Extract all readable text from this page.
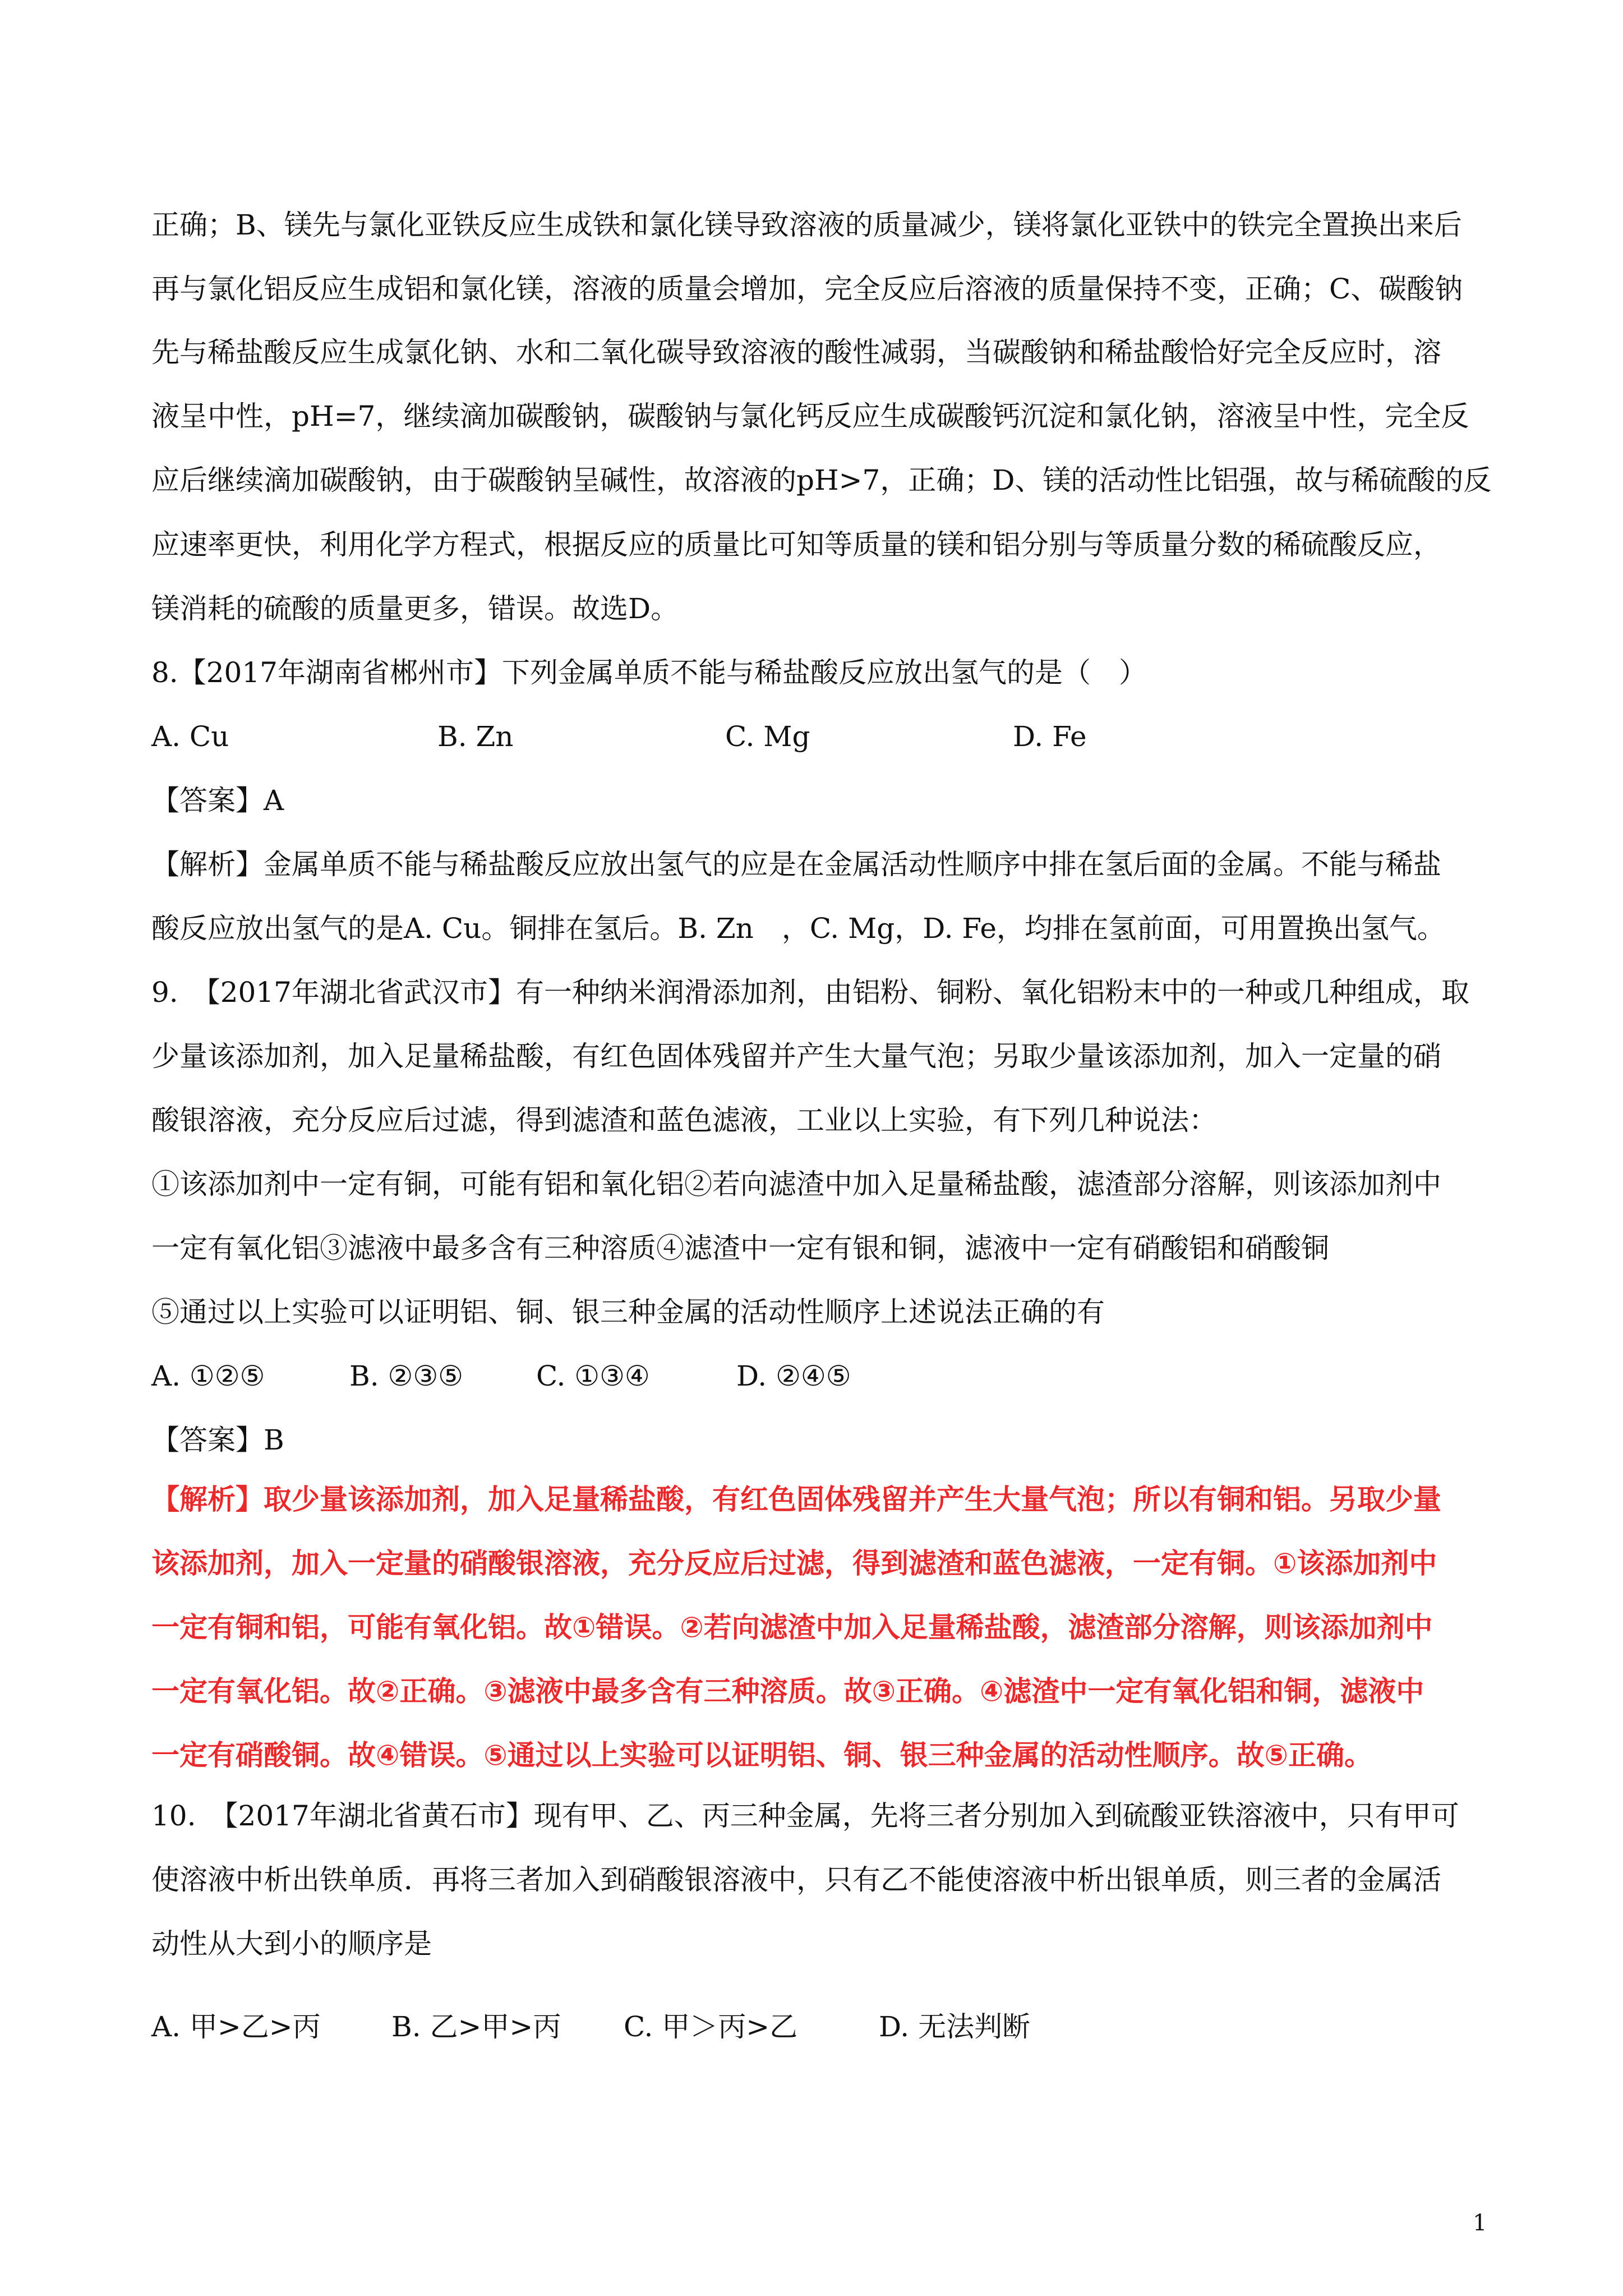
正确；B、镁先与氯化亚铁反应生成铁和氯化镁导致溶液的质量减少，镁将氯化亚铁中的铁完全置换出来后
再与氯化铝反应生成铝和氯化镁，溶液的质量会增加，完全反应后溶液的质量保持不变，正确；C、碳酸钠
先与稀盐酸反应生成氯化钠、水和二氧化碳导致溶液的酸性减弱，当碳酸钠和稀盐酸恰好完全反应时，溶
液呈中性，pH=7，继续滴加碳酸钠，碳酸钠与氯化钙反应生成碳酸钙沉淀和氯化钠，溶液呈中性，完全反
应后继续滴加碳酸钠，由于碳酸钠呈碱性，故溶液的pH>7，正确；D、镁的活动性比铝强，故与稀硫酸的反
应速率更快，利用化学方程式，根据反应的质量比可知等质量的镁和铝分别与等质量分数的稀硫酸反应，
镁消耗的硫酸的质量更多，错误。故选D。
8.【2017年湖南省郴州市】下列金属单质不能与稀盐酸反应放出氢气的是（　）
A. Cu	B. Zn	C. Mg	D. Fe
【答案】A
【解析】金属单质不能与稀盐酸反应放出氢气的应是在金属活动性顺序中排在氢后面的金属。不能与稀盐
酸反应放出氢气的是A. Cu。铜排在氢后。B. Zn　，C. Mg，D. Fe，均排在氢前面，可用置换出氢气。
9.　【2017年湖北省武汉市】有一种纳米润滑添加剂，由铝粉、铜粉、氧化铝粉末中的一种或几种组成，取
少量该添加剂，加入足量稀盐酸，有红色固体残留并产生大量气泡；另取少量该添加剂，加入一定量的硝
酸银溶液，充分反应后过滤，得到滤渣和蓝色滤液，工业以上实验，有下列几种说法：
①该添加剂中一定有铜，可能有铝和氧化铝②若向滤渣中加入足量稀盐酸，滤渣部分溶解，则该添加剂中
一定有氧化铝③滤液中最多含有三种溶质④滤渣中一定有银和铜，滤液中一定有硝酸铝和硝酸铜
⑤通过以上实验可以证明铝、铜、银三种金属的活动性顺序上述说法正确的有
A. ①②⑤	B. ②③⑤	C. ①③④	D. ②④⑤
【答案】B
【解析】取少量该添加剂，加入足量稀盐酸，有红色固体残留并产生大量气泡；所以有铜和铝。另取少量
该添加剂，加入一定量的硝酸银溶液，充分反应后过滤，得到滤渣和蓝色滤液，一定有铜。①该添加剂中
一定有铜和铝，可能有氧化铝。故①错误。②若向滤渣中加入足量稀盐酸，滤渣部分溶解，则该添加剂中
一定有氧化铝。故②正确。③滤液中最多含有三种溶质。故③正确。④滤渣中一定有氧化铝和铜，滤液中
一定有硝酸铜。故④错误。⑤通过以上实验可以证明铝、铜、银三种金属的活动性顺序。故⑤正确。
10.　【2017年湖北省黄石市】现有甲、乙、丙三种金属，先将三者分别加入到硫酸亚铁溶液中，只有甲可
使溶液中析出铁单质．再将三者加入到硝酸银溶液中，只有乙不能使溶液中析出银单质，则三者的金属活
动性从大到小的顺序是
A. 甲>乙>丙	B. 乙>甲>丙 C. 甲＞丙>乙	D. 无法判断
1
